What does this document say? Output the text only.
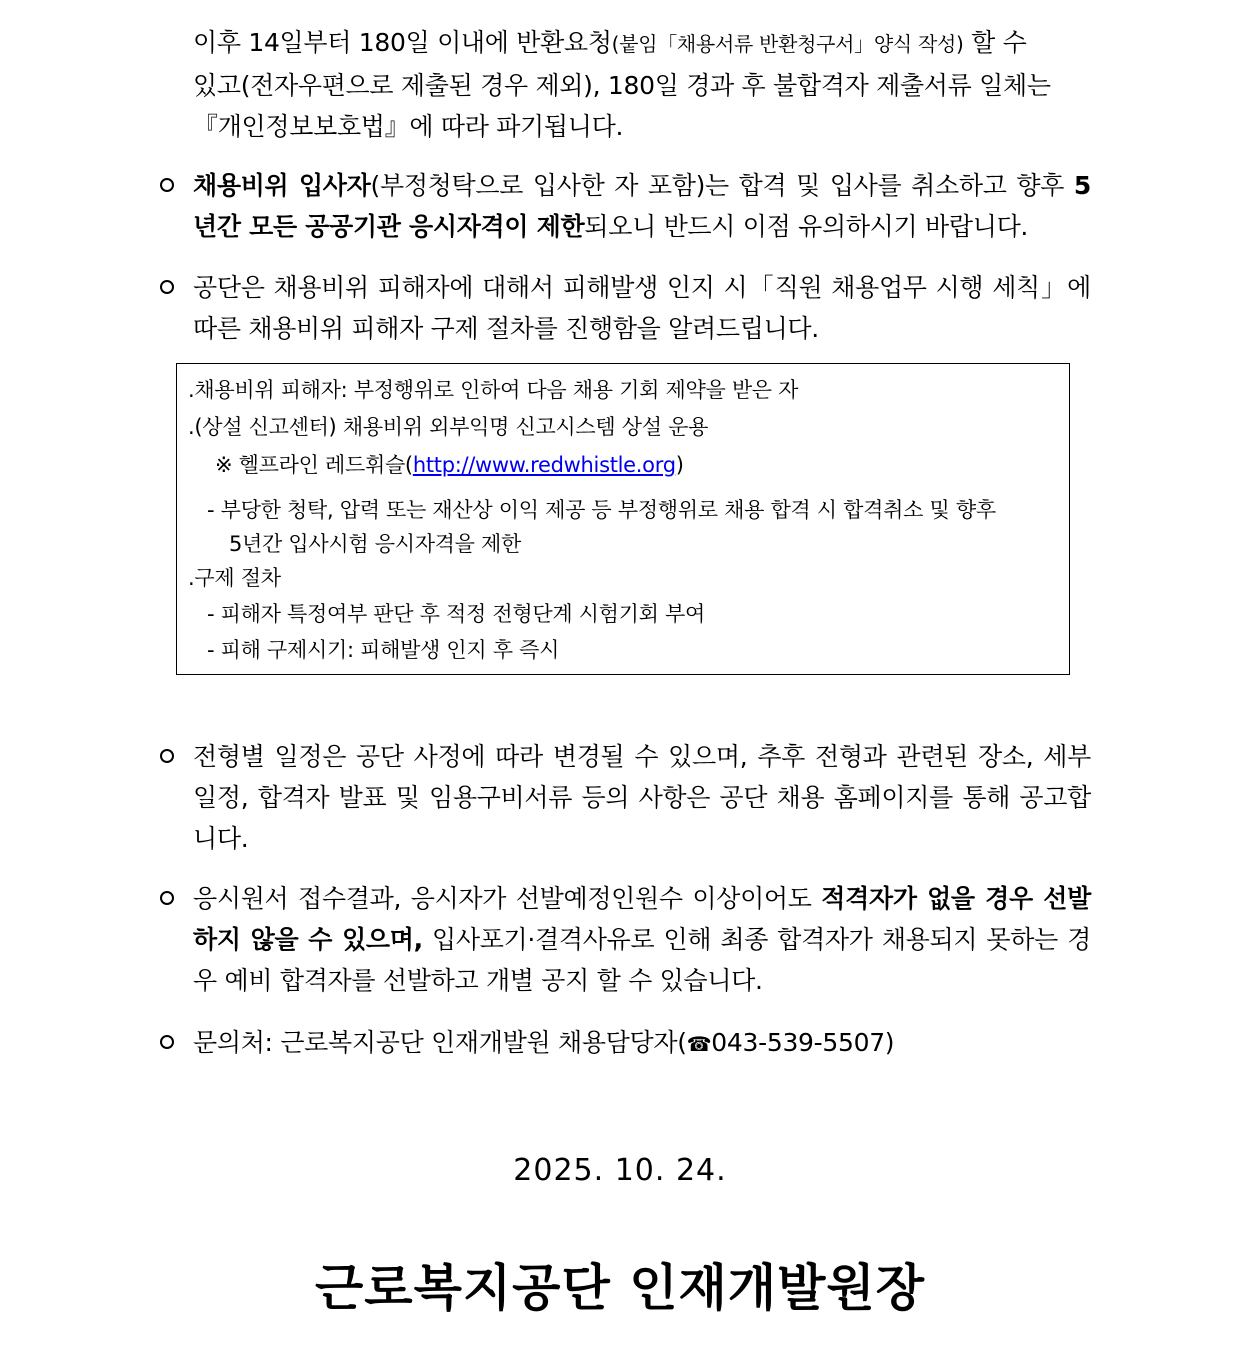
이후 14일부터 180일 이내에 반환요청(붙임「채용서류 반환청구서」양식 작성) 할 수

있고(전자우편으로 제출된 경우 제외), 180일 경과 후 불합격자 제출서류 일체는

『개인정보보호법』에 따라 파기됩니다.

채용비위 입사자(부정청탁으로 입사한 자 포함)는 합격 및 입사를 취소하고 향후 5년간 모든 공공기관 응시자격이 제한되오니 반드시 이점 유의하시기 바랍니다.
공단은 채용비위 피해자에 대해서 피해발생 인지 시「직원 채용업무 시행 세칙」에 따른 채용비위 피해자 구제 절차를 진행함을 알려드립니다.
.채용비위 피해자: 부정행위로 인하여 다음 채용 기회 제약을 받은 자
.(상설 신고센터) 채용비위 외부익명 신고시스템 상설 운용
※ 헬프라인 레드휘슬(http://www.redwhistle.org)
- 부당한 청탁, 압력 또는 재산상 이익 제공 등 부정행위로 채용 합격 시 합격취소 및 향후
5년간 입사시험 응시자격을 제한
.구제 절차
- 피해자 특정여부 판단 후 적정 전형단계 시험기회 부여
- 피해 구제시기: 피해발생 인지 후 즉시
전형별 일정은 공단 사정에 따라 변경될 수 있으며, 추후 전형과 관련된 장소, 세부 일정, 합격자 발표 및 임용구비서류 등의 사항은 공단 채용 홈페이지를 통해 공고합니다.
응시원서 접수결과, 응시자가 선발예정인원수 이상이어도 적격자가 없을 경우 선발하지 않을 수 있으며, 입사포기·결격사유로 인해 최종 합격자가 채용되지 못하는 경우 예비 합격자를 선발하고 개별 공지 할 수 있습니다.
문의처: 근로복지공단 인재개발원 채용담당자(☎043-539-5507)
2025. 10. 24.
근로복지공단 인재개발원장
